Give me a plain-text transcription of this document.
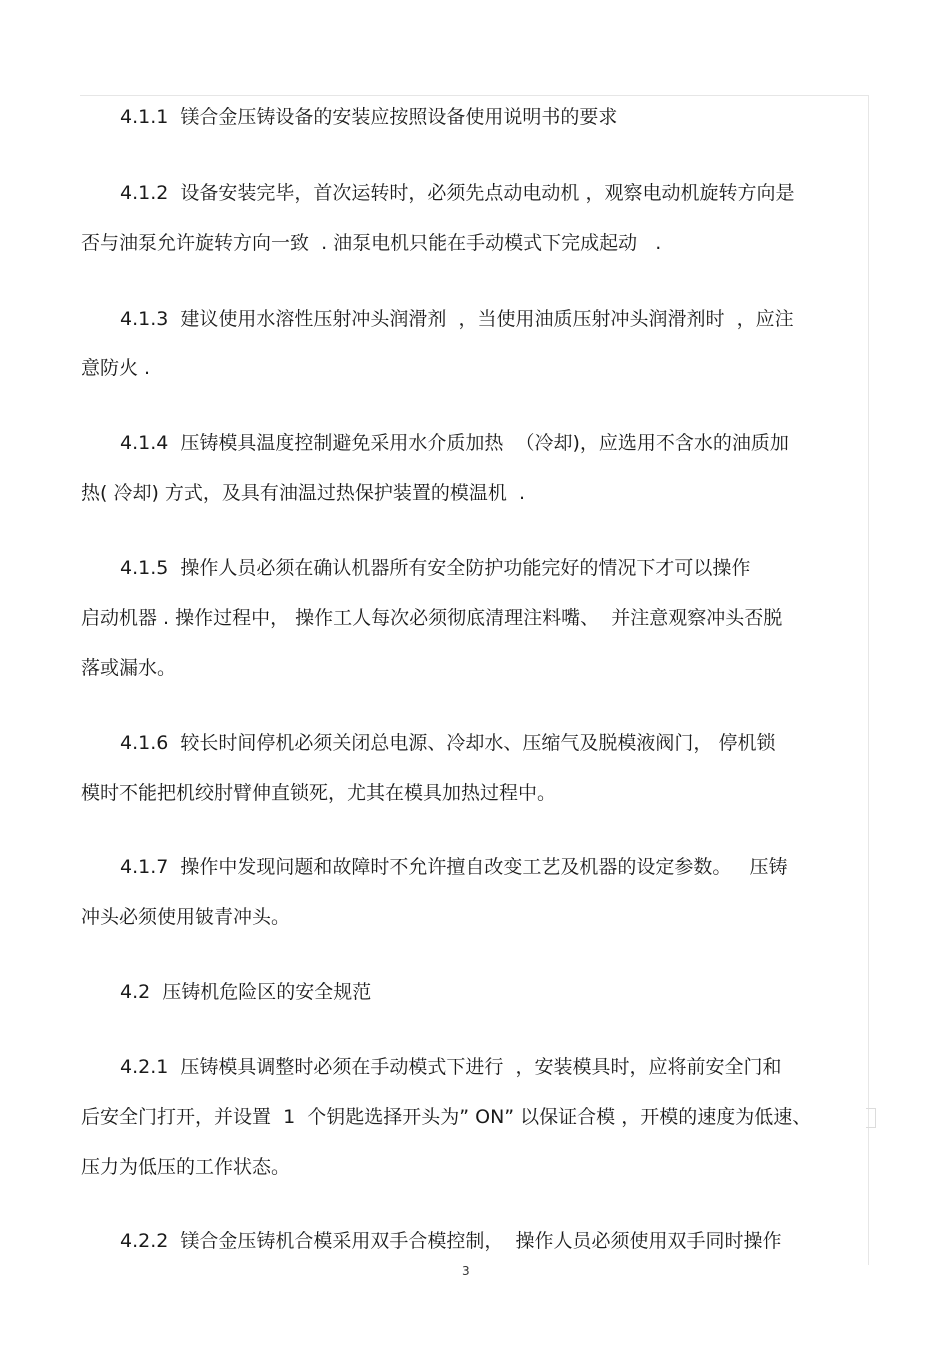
4.1.1  镁合金压铸设备的安装应按照设备使用说明书的要求
4.1.2  设备安装完毕，首次运转时，必须先点动电动机 ，观察电动机旋转方向是
否与油泵允许旋转方向一致  . 油泵电机只能在手动模式下完成起动   .
4.1.3  建议使用水溶性压射冲头润滑剂  ，当使用油质压射冲头润滑剂时  ，应注
意防火 .
4.1.4  压铸模具温度控制避免采用水介质加热  （冷却)，应选用不含水的油质加
热( 冷却) 方式，及具有油温过热保护装置的模温机  .
4.1.5  操作人员必须在确认机器所有安全防护功能完好的情况下才可以操作
启动机器 . 操作过程中， 操作工人每次必须彻底清理注料嘴、  并注意观察冲头否脱
落或漏水。
4.1.6  较长时间停机必须关闭总电源、冷却水、压缩气及脱模液阀门， 停机锁
模时不能把机绞肘臂伸直锁死，尤其在模具加热过程中。
4.1.7  操作中发现问题和故障时不允许擅自改变工艺及机器的设定参数。   压铸
冲头必须使用铍青冲头。
4.2  压铸机危险区的安全规范
4.2.1  压铸模具调整时必须在手动模式下进行  ，安装模具时，应将前安全门和
后安全门打开，并设置  1  个钥匙选择开头为” ON” 以保证合模 ，开模的速度为低速、
压力为低压的工作状态。
4.2.2  镁合金压铸机合模采用双手合模控制，  操作人员必须使用双手同时操作
3
